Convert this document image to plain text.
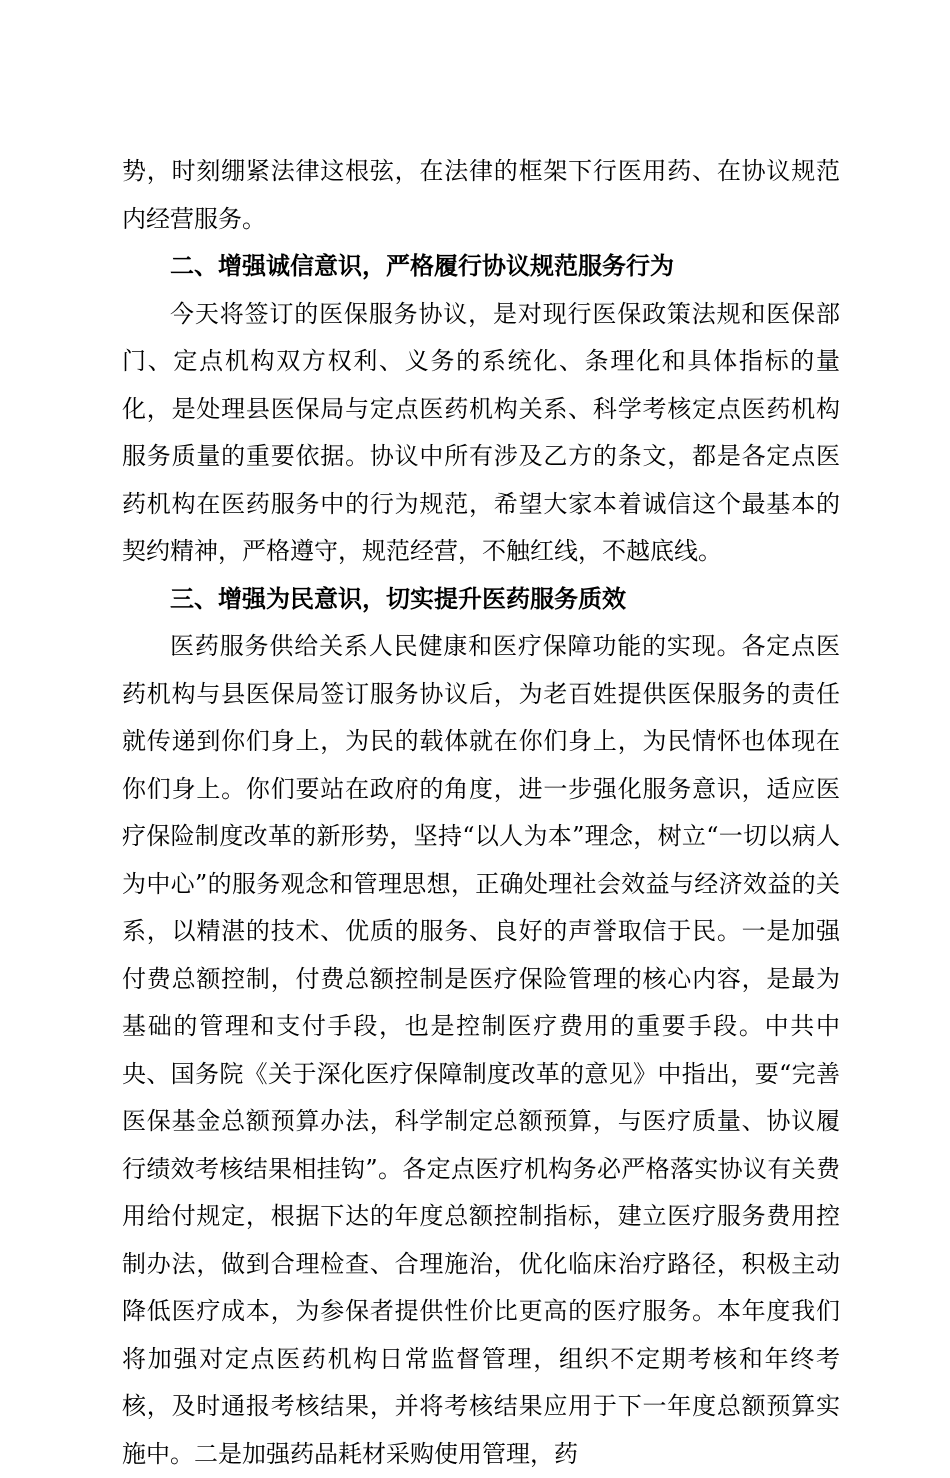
势，时刻绷紧法律这根弦，在法律的框架下行医用药、在协议规范内经营服务。

二、增强诚信意识，严格履行协议规范服务行为

今天将签订的医保服务协议，是对现行医保政策法规和医保部门、定点机构双方权利、义务的系统化、条理化和具体指标的量化，是处理县医保局与定点医药机构关系、科学考核定点医药机构服务质量的重要依据。协议中所有涉及乙方的条文，都是各定点医药机构在医药服务中的行为规范，希望大家本着诚信这个最基本的契约精神，严格遵守，规范经营，不触红线，不越底线。

三、增强为民意识，切实提升医药服务质效

医药服务供给关系人民健康和医疗保障功能的实现。各定点医药机构与县医保局签订服务协议后，为老百姓提供医保服务的责任就传递到你们身上，为民的载体就在你们身上，为民情怀也体现在你们身上。你们要站在政府的角度，进一步强化服务意识，适应医疗保险制度改革的新形势，坚持“以人为本”理念，树立“一切以病人为中心”的服务观念和管理思想，正确处理社会效益与经济效益的关系，以精湛的技术、优质的服务、良好的声誉取信于民。一是加强付费总额控制，付费总额控制是医疗保险管理的核心内容，是最为基础的管理和支付手段，也是控制医疗费用的重要手段。中共中央、国务院《关于深化医疗保障制度改革的意见》中指出，要“完善医保基金总额预算办法，科学制定总额预算，与医疗质量、协议履行绩效考核结果相挂钩”。各定点医疗机构务必严格落实协议有关费用给付规定，根据下达的年度总额控制指标，建立医疗服务费用控制办法，做到合理检查、合理施治，优化临床治疗路径，积极主动降低医疗成本，为参保者提供性价比更高的医疗服务。本年度我们将加强对定点医药机构日常监督管理，组织不定期考核和年终考核，及时通报考核结果，并将考核结果应用于下一年度总额预算实施中。二是加强药品耗材采购使用管理，药
